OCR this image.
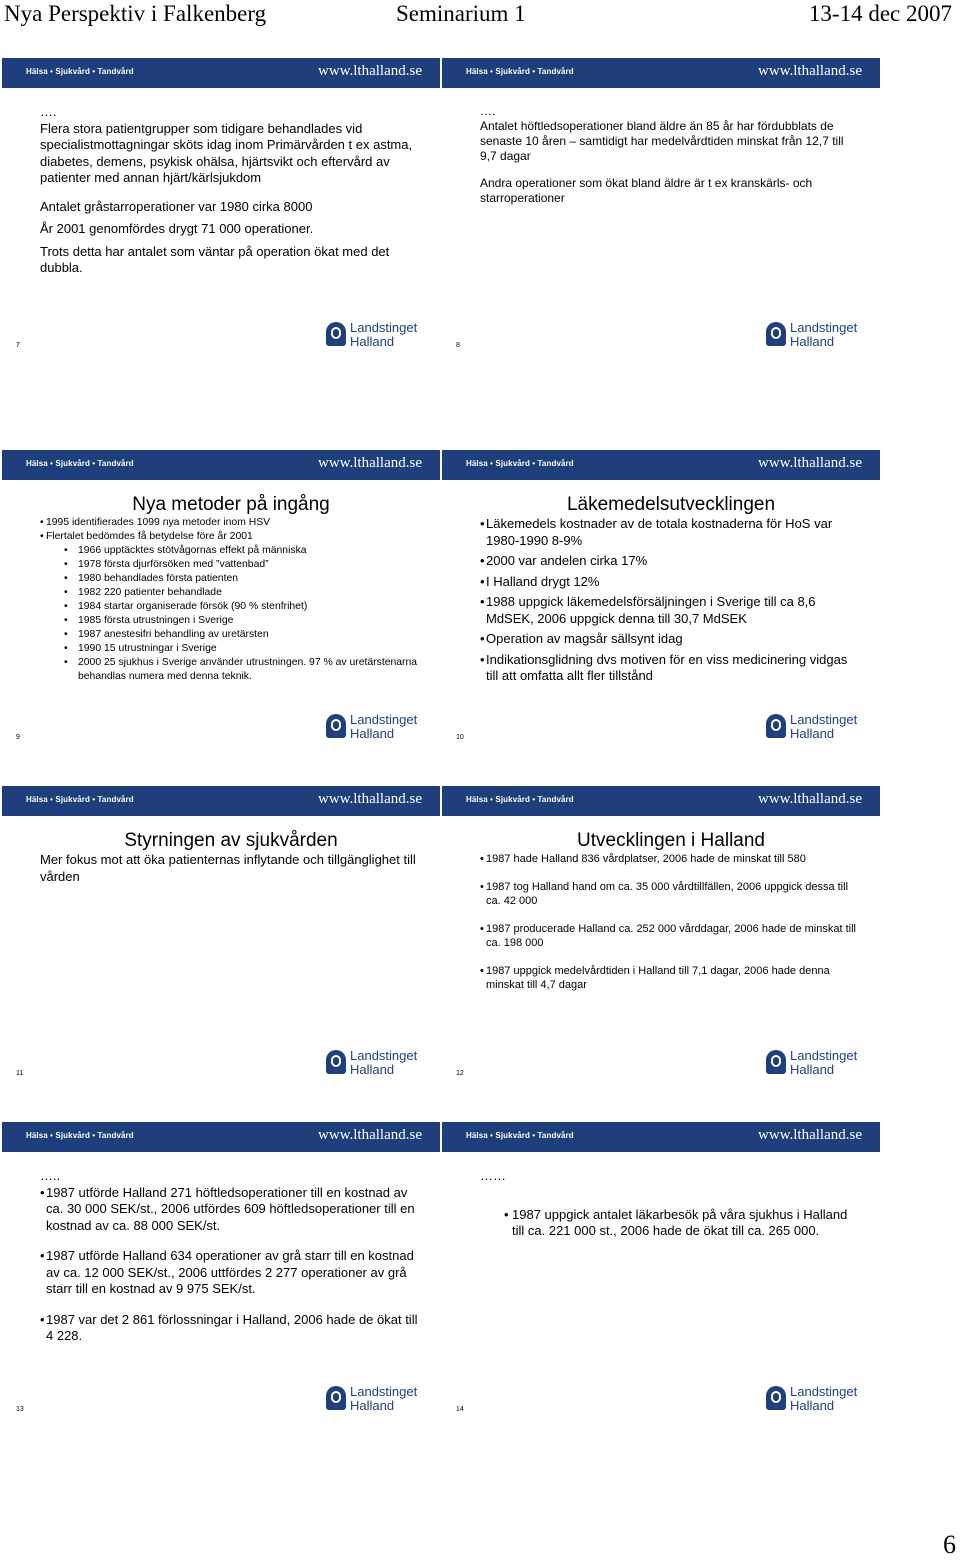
Nya Perspektiv i Falkenberg	Seminarium 1	13-14 dec 2007
Hälsa • Sjukvård • Tandvård	www.lthalland.se

….

Flera stora patientgrupper som tidigare behandlades vid specialistmottagningar sköts idag inom Primärvården t ex astma, diabetes, demens, psykisk ohälsa, hjärtsvikt och eftervård av patienter med annan hjärt/kärlsjukdom

Antalet gråstarroperationer var 1980 cirka 8000

År 2001 genomfördes drygt 71 000 operationer.

Trots detta har antalet som väntar på operation ökat med det dubbla.

Landstinget
Halland
7
Hälsa • Sjukvård • Tandvård	www.lthalland.se

….

Antalet höftledsoperationer bland äldre än 85 år har fördubblats de senaste 10 åren – samtidigt har medelvårdtiden minskat från 12,7 till 9,7 dagar

Andra operationer som ökat bland äldre är t ex kranskärls- och starroperationer

Landstinget
Halland
8
Hälsa • Sjukvård • Tandvård	www.lthalland.se

Nya metoder på ingång

• 1995 identifierades 1099 nya metoder inom HSV
• Flertalet bedömdes få betydelse före år 2001
• 1966 upptäcktes stötvågornas effekt på människa
• 1978 första djurförsöken med ”vattenbad”
• 1980 behandlades första patienten
• 1982 220 patienter behandlade
• 1984 startar organiserade försök (90 % stenfrihet)
• 1985 första utrustningen i Sverige
• 1987 anestesifri behandling av uretärsten
• 1990 15 utrustningar i Sverige
• 2000 25 sjukhus i Sverige använder utrustningen. 97 % av uretärstenarna behandlas numera med denna teknik.
Landstinget
Halland
9
Hälsa • Sjukvård • Tandvård	www.lthalland.se

Läkemedelsutvecklingen

• Läkemedels kostnader av de totala kostnaderna för HoS var 1980-1990 8-9%
• 2000 var andelen cirka 17%
• I Halland drygt 12%
• 1988 uppgick läkemedelsförsäljningen i Sverige till ca 8,6 MdSEK, 2006 uppgick denna till 30,7 MdSEK
• Operation av magsår sällsynt idag
• Indikationsglidning dvs motiven för en viss medicinering vidgas till att omfatta allt fler tillstånd
Landstinget
Halland
10
Hälsa • Sjukvård • Tandvård	www.lthalland.se

Styrningen av sjukvården

Mer fokus mot att öka patienternas inflytande och tillgänglighet till vården

Landstinget
Halland
11
Hälsa • Sjukvård • Tandvård	www.lthalland.se

Utvecklingen i Halland

• 1987 hade Halland 836 vårdplatser, 2006 hade de minskat till 580
• 1987 tog Halland hand om ca. 35 000 vårdtillfällen, 2006 uppgick dessa till ca. 42 000
• 1987 producerade Halland ca. 252 000 vårddagar, 2006 hade de minskat till ca. 198 000
• 1987 uppgick medelvårdtiden i Halland till 7,1 dagar, 2006 hade denna minskat till 4,7 dagar
Landstinget
Halland
12
Hälsa • Sjukvård • Tandvård	www.lthalland.se

…..

• 1987 utförde Halland 271 höftledsoperationer till en kostnad av ca. 30 000 SEK/st., 2006 utfördes 609 höftledsoperationer till en kostnad av ca. 88 000 SEK/st.
• 1987 utförde Halland 634 operationer av grå starr till en kostnad av ca. 12 000 SEK/st., 2006 uttfördes 2 277 operationer av grå starr till en kostnad av 9 975 SEK/st.
• 1987 var det 2 861 förlossningar i Halland, 2006 hade de ökat till 4 228.
Landstinget
Halland
13
Hälsa • Sjukvård • Tandvård	www.lthalland.se

……

• 1987 uppgick antalet läkarbesök på våra sjukhus i Halland till ca. 221 000 st., 2006 hade de ökat till ca. 265 000.
Landstinget
Halland
14
6
